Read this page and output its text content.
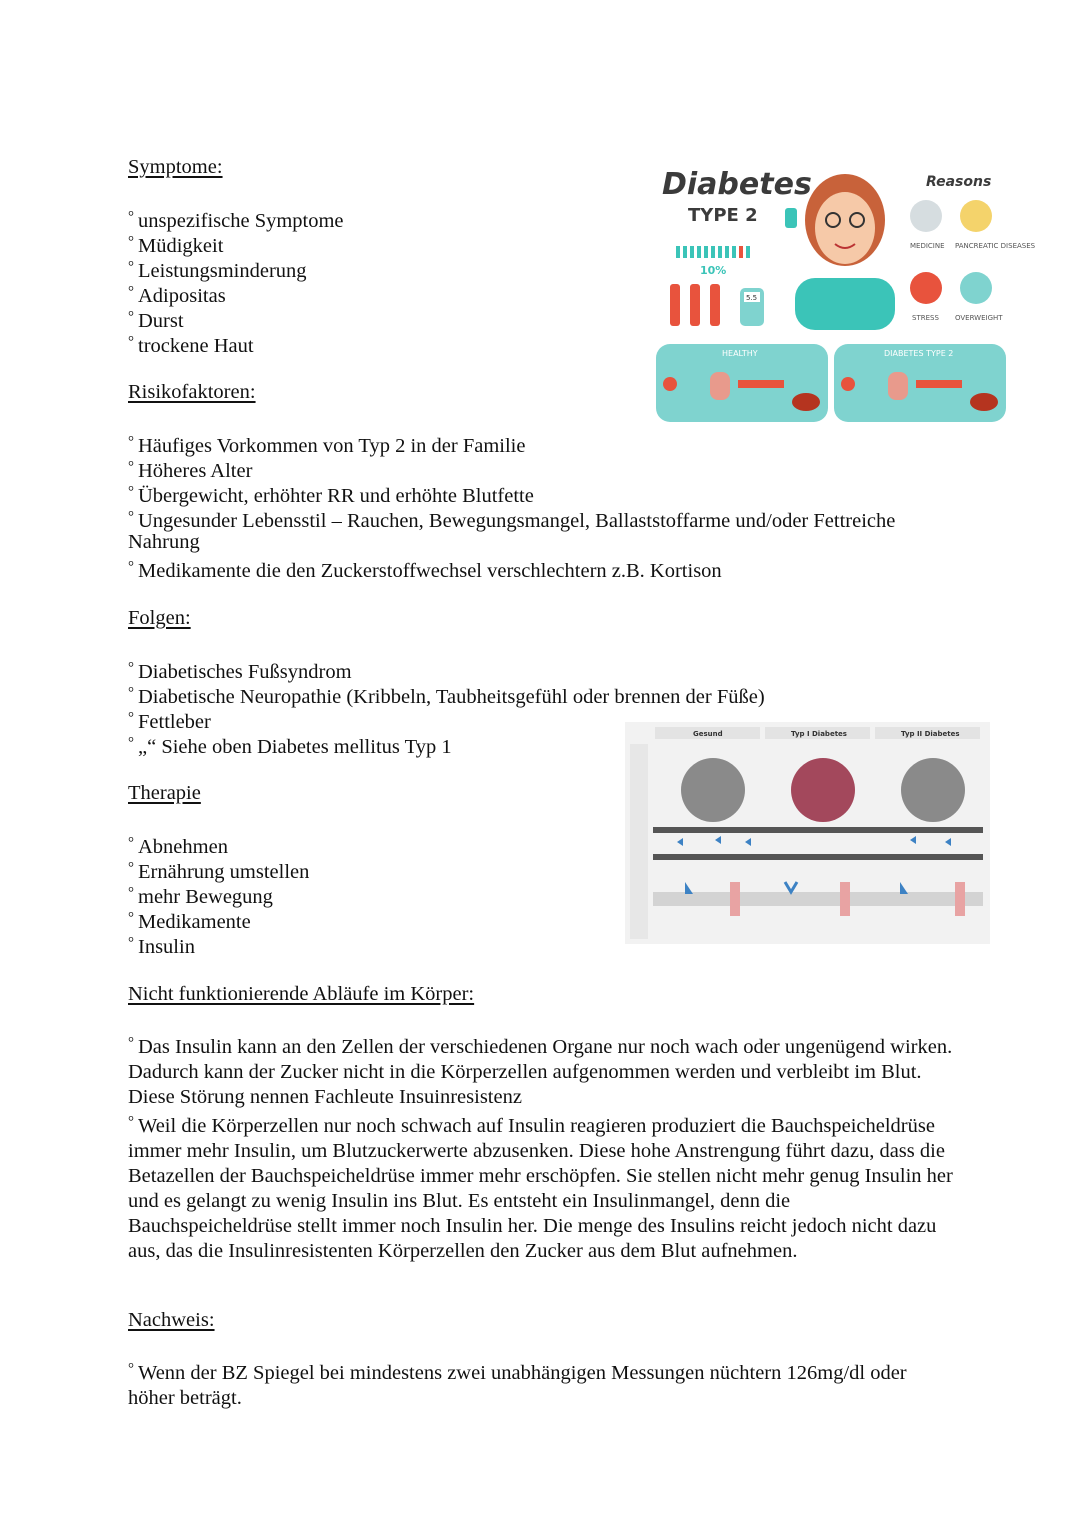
Symptome:
° unspezifische Symptome
° Müdigkeit
° Leistungsminderung
° Adipositas
° Durst
° trockene Haut
Risikofaktoren:
° Häufiges Vorkommen von Typ 2 in der Familie
° Höheres Alter
° Übergewicht, erhöhter RR und erhöhte Blutfette
° Ungesunder Lebensstil – Rauchen, Bewegungsmangel, Ballaststoffarme und/oder Fettreiche
Nahrung
° Medikamente die den Zuckerstoffwechsel verschlechtern z.B. Kortison
Folgen:
° Diabetisches Fußsyndrom
° Diabetische Neuropathie (Kribbeln, Taubheitsgefühl oder brennen der Füße)
° Fettleber
° „“ Siehe oben Diabetes mellitus Typ 1
Therapie
° Abnehmen
° Ernährung umstellen
° mehr Bewegung
° Medikamente
° Insulin
Nicht funktionierende Abläufe im Körper:

° Das Insulin kann an den Zellen der verschiedenen Organe nur noch wach oder ungenügend wirken. Dadurch kann der Zucker nicht in die Körperzellen aufgenommen werden und verbleibt im Blut. Diese Störung nennen Fachleute Insuinresistenz

° Weil die Körperzellen nur noch schwach auf Insulin reagieren produziert die Bauchspeicheldrüse immer mehr Insulin, um Blutzuckerwerte abzusenken. Diese hohe Anstrengung führt dazu, dass die Betazellen der Bauchspeicheldrüse immer mehr erschöpfen. Sie stellen nicht mehr genug Insulin her und es gelangt zu wenig Insulin ins Blut. Es entsteht ein Insulinmangel, denn die Bauchspeicheldrüse stellt immer noch Insulin her. Die menge des Insulins reicht jedoch nicht dazu aus, das die Insulinresistenten Körperzellen den Zucker aus dem Blut aufnehmen.

Nachweis:

° Wenn der BZ Spiegel bei mindestens zwei unabhängigen Messungen nüchtern 126mg/dl oder höher beträgt.

Diabetes
TYPE 2
10%
5.5
Reasons
MEDICINE PANCREATIC DISEASES
STRESS OVERWEIGHT
HEALTHY	DIABETES TYPE 2
Gesund	Typ I Diabetes	Typ II Diabetes
